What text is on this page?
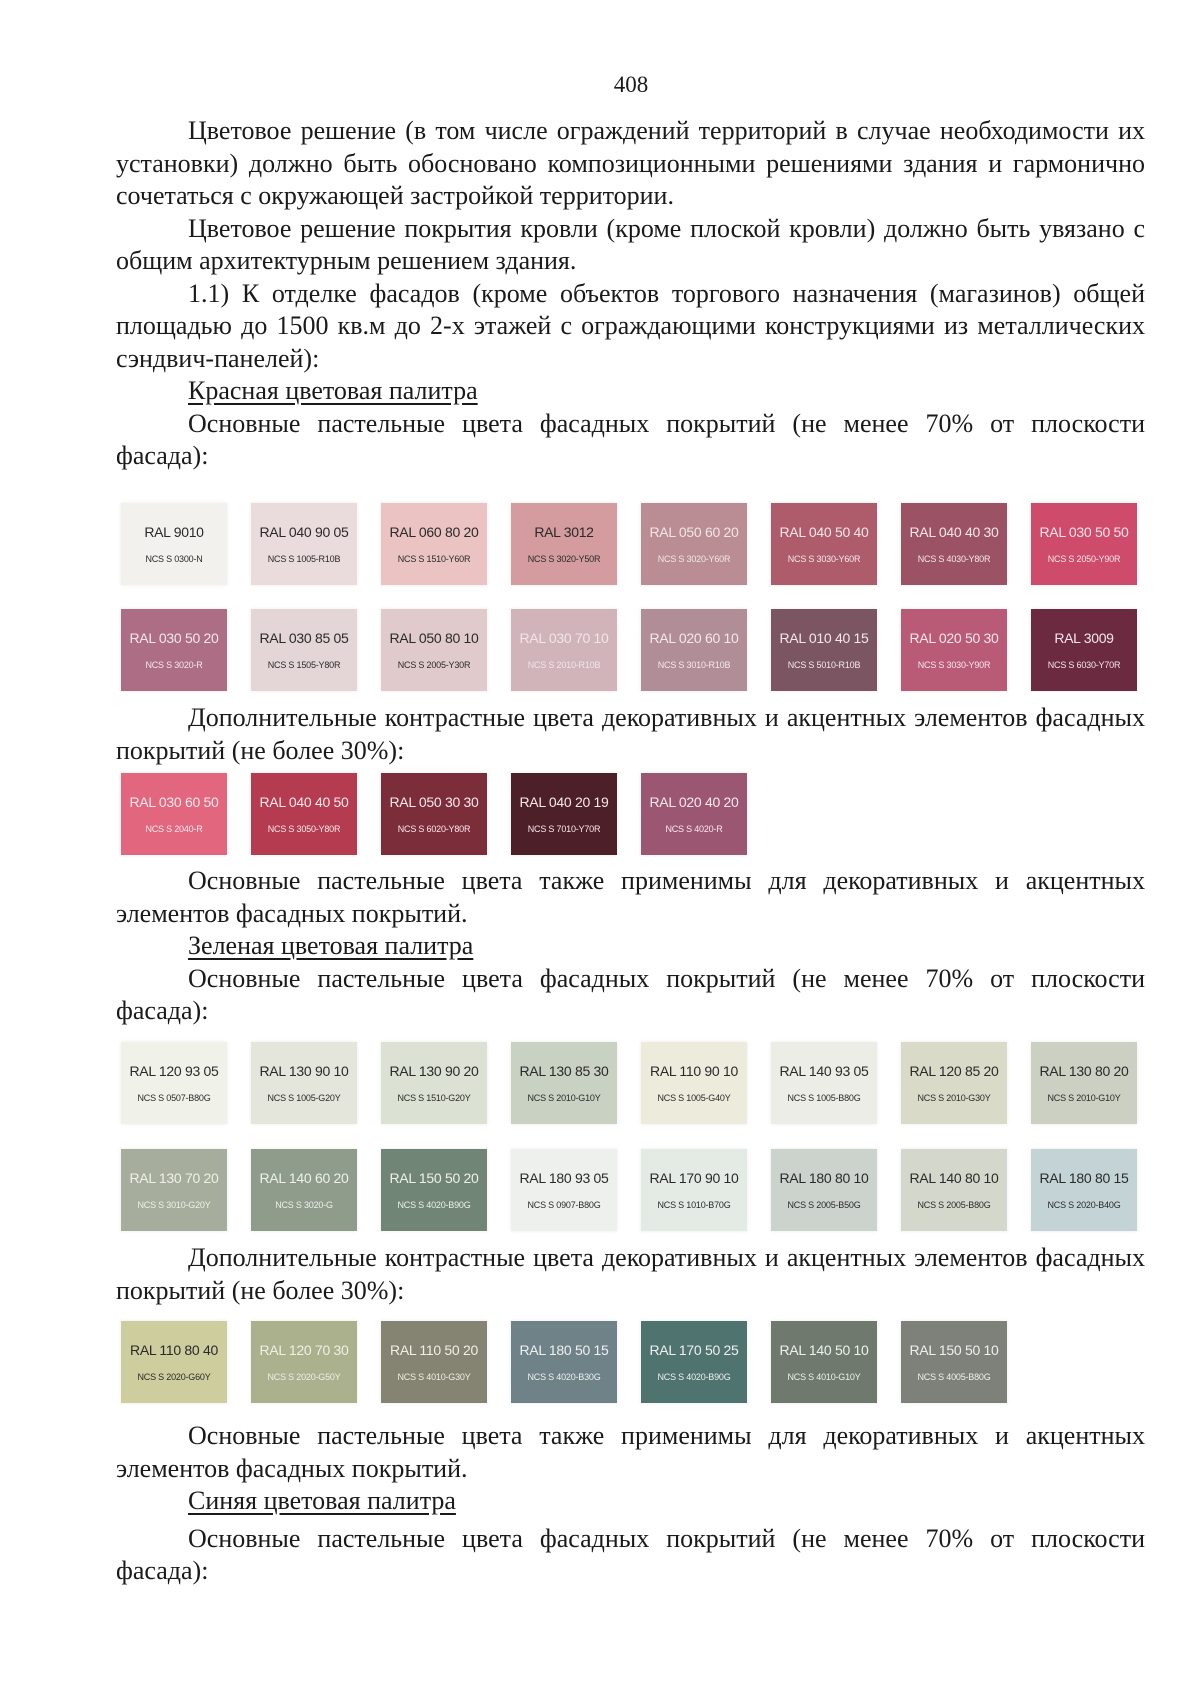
408

Цветовое решение (в том числе ограждений территорий в случае необходимости их установки) должно быть обосновано композиционными решениями здания и гармонично сочетаться с окружающей застройкой территории.

Цветовое решение покрытия кровли (кроме плоской кровли) должно быть увязано с общим архитектурным решением здания.

1.1) К отделке фасадов (кроме объектов торгового назначения (магазинов) общей площадью до 1500 кв.м до 2-х этажей с ограждающими конструкциями из металлических сэндвич-панелей):

Красная цветовая палитра

Основные пастельные цвета фасадных покрытий (не менее 70% от плоскости фасада):

RAL 9010
NCS S 0300-N
RAL 040 90 05
NCS S 1005-R10B
RAL 060 80 20
NCS S 1510-Y60R
RAL 3012
NCS S 3020-Y50R
RAL 050 60 20
NCS S 3020-Y60R
RAL 040 50 40
NCS S 3030-Y60R
RAL 040 40 30
NCS S 4030-Y80R
RAL 030 50 50
NCS S 2050-Y90R
RAL 030 50 20
NCS S 3020-R
RAL 030 85 05
NCS S 1505-Y80R
RAL 050 80 10
NCS S 2005-Y30R
RAL 030 70 10
NCS S 2010-R10B
RAL 020 60 10
NCS S 3010-R10B
RAL 010 40 15
NCS S 5010-R10B
RAL 020 50 30
NCS S 3030-Y90R
RAL 3009
NCS S 6030-Y70R

Дополнительные контрастные цвета декоративных и акцентных элементов фасадных покрытий (не более 30%):

RAL 030 60 50
NCS S 2040-R
RAL 040 40 50
NCS S 3050-Y80R
RAL 050 30 30
NCS S 6020-Y80R
RAL 040 20 19
NCS S 7010-Y70R
RAL 020 40 20
NCS S 4020-R

Основные пастельные цвета также применимы для декоративных и акцентных элементов фасадных покрытий.

Зеленая цветовая палитра

Основные пастельные цвета фасадных покрытий (не менее 70% от плоскости фасада):

RAL 120 93 05
NCS S 0507-B80G
RAL 130 90 10
NCS S 1005-G20Y
RAL 130 90 20
NCS S 1510-G20Y
RAL 130 85 30
NCS S 2010-G10Y
RAL 110 90 10
NCS S 1005-G40Y
RAL 140 93 05
NCS S 1005-B80G
RAL 120 85 20
NCS S 2010-G30Y
RAL 130 80 20
NCS S 2010-G10Y
RAL 130 70 20
NCS S 3010-G20Y
RAL 140 60 20
NCS S 3020-G
RAL 150 50 20
NCS S 4020-B90G
RAL 180 93 05
NCS S 0907-B80G
RAL 170 90 10
NCS S 1010-B70G
RAL 180 80 10
NCS S 2005-B50G
RAL 140 80 10
NCS S 2005-B80G
RAL 180 80 15
NCS S 2020-B40G

Дополнительные контрастные цвета декоративных и акцентных элементов фасадных покрытий (не более 30%):

RAL 110 80 40
NCS S 2020-G60Y
RAL 120 70 30
NCS S 2020-G50Y
RAL 110 50 20
NCS S 4010-G30Y
RAL 180 50 15
NCS S 4020-B30G
RAL 170 50 25
NCS S 4020-B90G
RAL 140 50 10
NCS S 4010-G10Y
RAL 150 50 10
NCS S 4005-B80G

Основные пастельные цвета также применимы для декоративных и акцентных элементов фасадных покрытий.

Синяя цветовая палитра

Основные пастельные цвета фасадных покрытий (не менее 70% от плоскости фасада):
